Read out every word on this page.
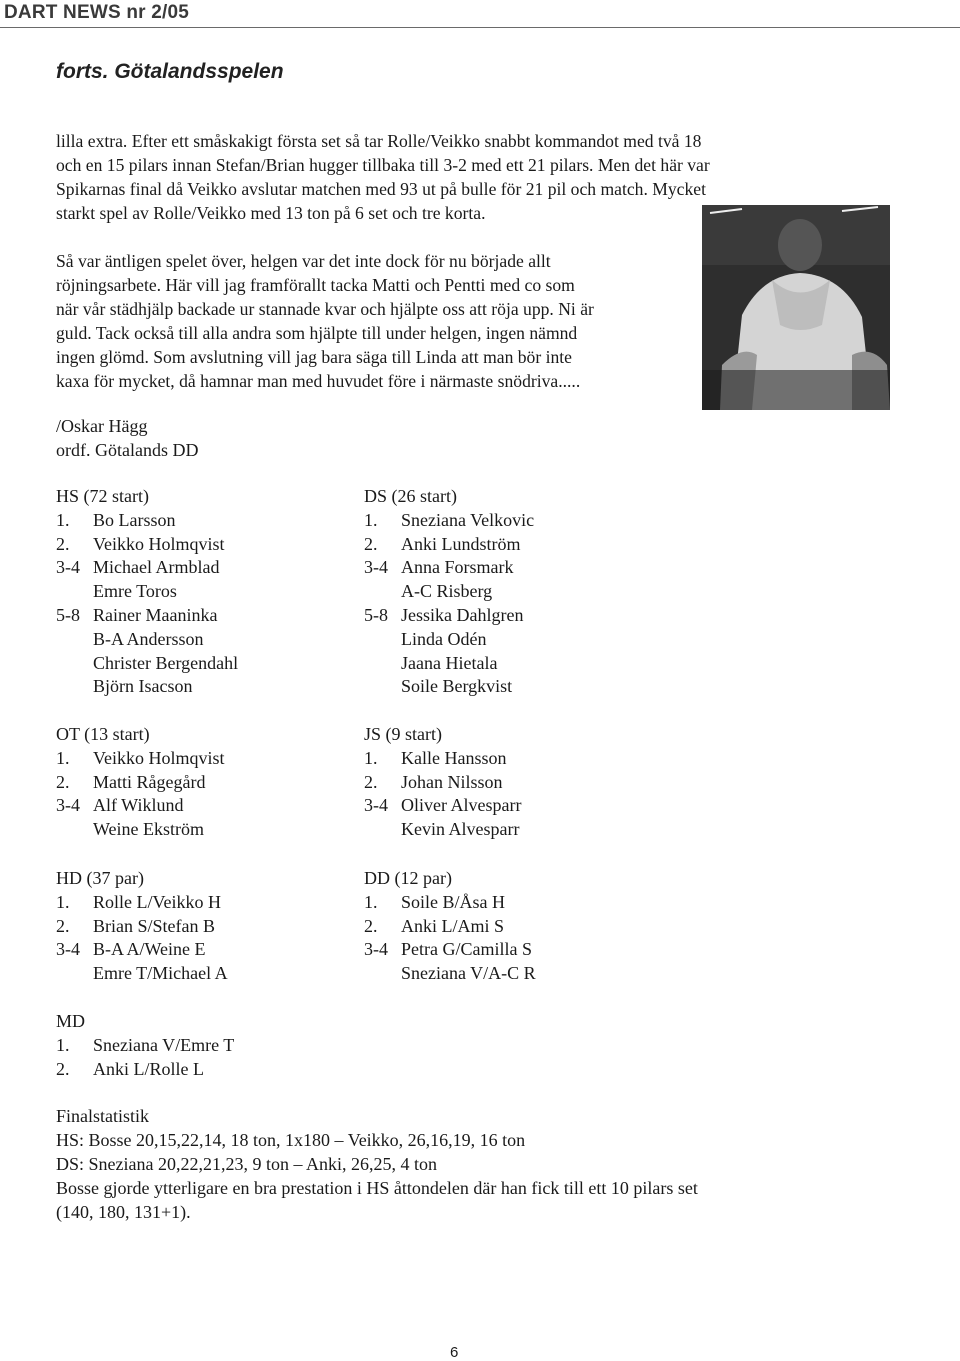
DART NEWS nr 2/05
forts. Götalandsspelen
lilla extra. Efter ett småskakigt första set så tar Rolle/Veikko snabbt kommandot med två 18
och en 15 pilars innan Stefan/Brian hugger tillbaka till 3-2 med ett 21 pilars. Men det här var
Spikarnas final då Veikko avslutar matchen med 93 ut på bulle för 21 pil och match. Mycket
starkt spel av Rolle/Veikko med 13 ton på 6 set och tre korta.
Så var äntligen spelet över, helgen var det inte dock för nu började allt
röjningsarbete. Här vill jag framförallt tacka Matti och Pentti med co som
när vår städhjälp backade ur stannade kvar och hjälpte oss att röja upp. Ni är
guld. Tack också till alla andra som hjälpte till under helgen, ingen nämnd
ingen glömd. Som avslutning vill jag bara säga till Linda att man bör inte
kaxa för mycket, då hamnar man med huvudet före i närmaste snödriva.....
/Oskar Hägg
ordf. Götalands DD
HS (72 start)
1. Bo Larsson
2. Veikko Holmqvist
3-4 Michael Armblad
Emre Toros
5-8 Rainer Maaninka
B-A Andersson
Christer Bergendahl
Björn Isacson
DS (26 start)
1. Sneziana Velkovic
2. Anki Lundström
3-4 Anna Forsmark
A-C Risberg
5-8 Jessika Dahlgren
Linda Odén
Jaana Hietala
Soile Bergkvist
OT (13 start)
1. Veikko Holmqvist
2. Matti Rågegård
3-4 Alf Wiklund
Weine Ekström
JS (9 start)
1. Kalle Hansson
2. Johan Nilsson
3-4 Oliver Alvesparr
Kevin Alvesparr
HD (37 par)
1. Rolle L/Veikko H
2. Brian S/Stefan B
3-4 B-A A/Weine E
Emre T/Michael A
DD (12 par)
1. Soile B/Åsa H
2. Anki L/Ami S
3-4 Petra G/Camilla S
Sneziana V/A-C R
MD
1. Sneziana V/Emre T
2. Anki L/Rolle L
Finalstatistik
HS: Bosse 20,15,22,14, 18 ton, 1x180 – Veikko, 26,16,19, 16 ton
DS: Sneziana 20,22,21,23, 9 ton – Anki, 26,25, 4 ton
Bosse gjorde ytterligare en bra prestation i HS åttondelen där han fick till ett 10 pilars set
(140, 180, 131+1).
6
